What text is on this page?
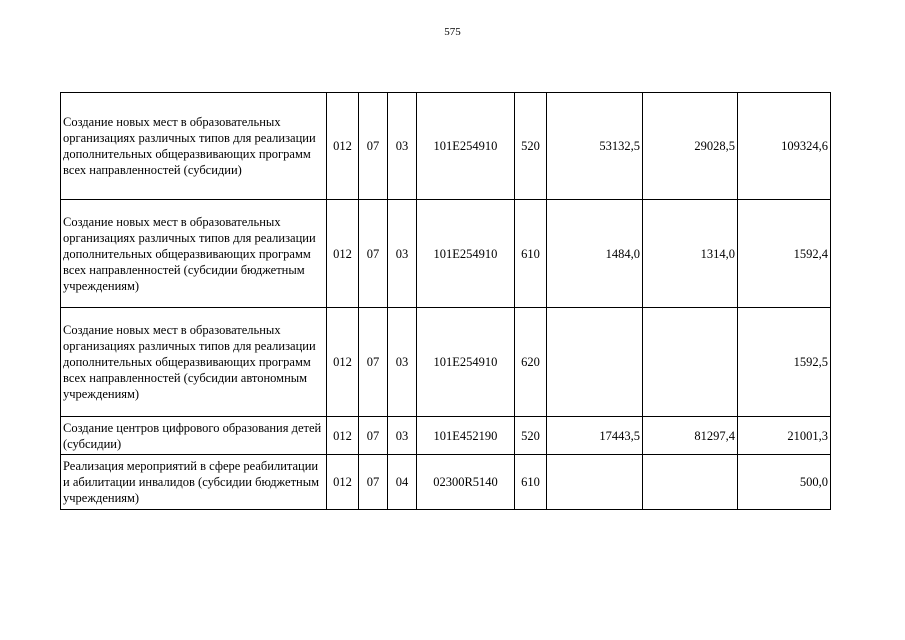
575
Создание новых мест в образовательных организациях различных типов для реализации дополнительных общеразвивающих программ всех направленностей (субсидии)	012	07	03	101E254910	520	53132,5	29028,5	109324,6
Создание новых мест в образовательных организациях различных типов для реализации дополнительных общеразвивающих программ всех направленностей (субсидии бюджетным учреждениям)	012	07	03	101E254910	610	1484,0	1314,0	1592,4
Создание новых мест в образовательных организациях различных типов для реализации дополнительных общеразвивающих программ всех направленностей (субсидии автономным учреждениям)	012	07	03	101E254910	620			1592,5
Создание центров цифрового образования детей (субсидии)	012	07	03	101E452190	520	17443,5	81297,4	21001,3
Реализация мероприятий в сфере реабилитации и абилитации инвалидов (субсидии бюджетным учреждениям)	012	07	04	02300R5140	610			500,0
